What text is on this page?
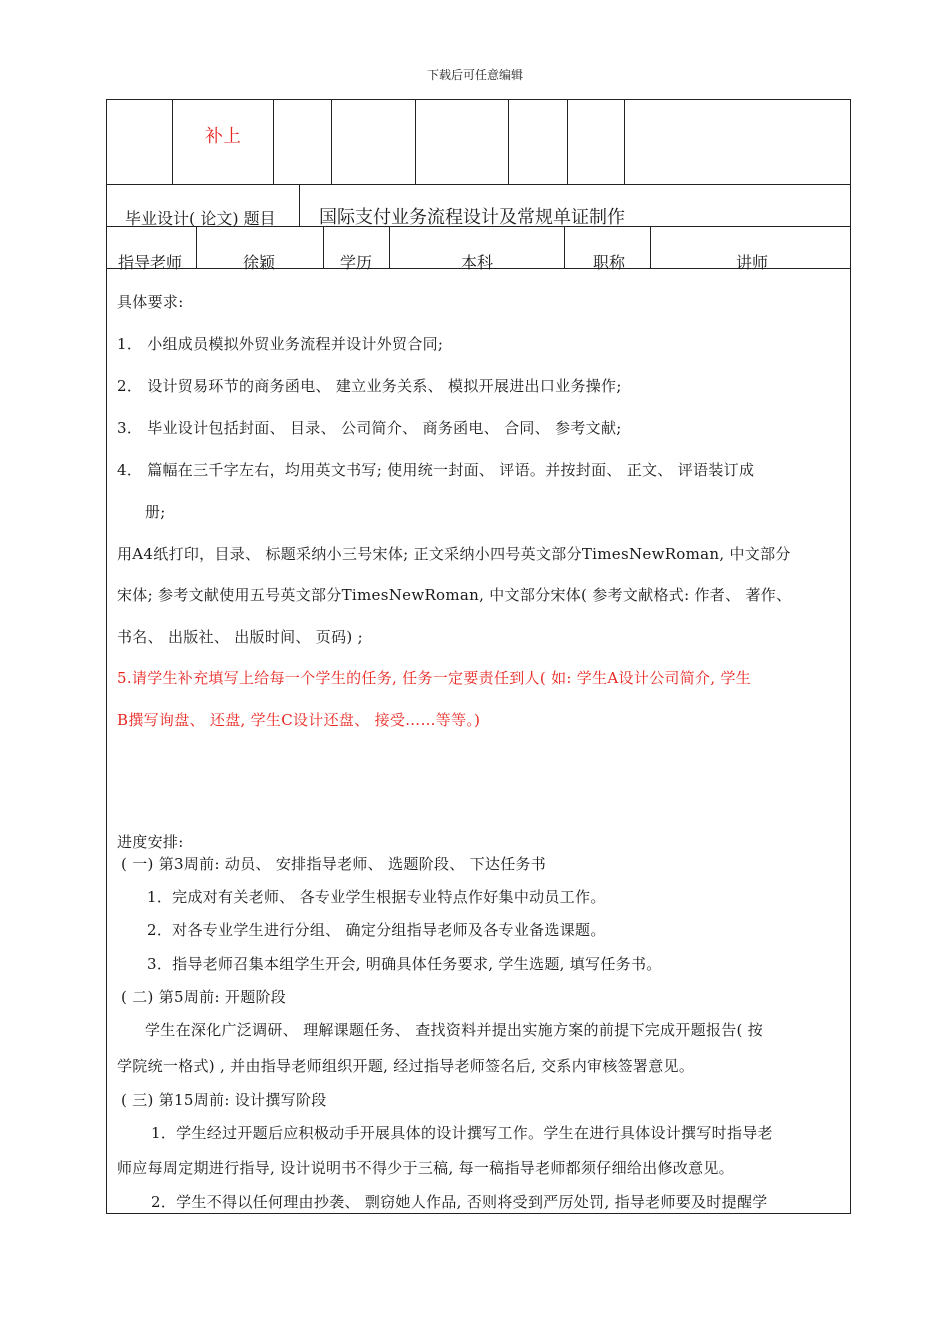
下载后可任意编辑
补上
毕业设计( 论文) 题目 国际支付业务流程设计及常规单证制作
指导老师	徐颖	学历	本科	职称	讲师
具体要求:
1． 小组成员模拟外贸业务流程并设计外贸合同;
2． 设计贸易环节的商务函电、 建立业务关系、 模拟开展进出口业务操作;
3． 毕业设计包括封面、 目录、 公司简介、 商务函电、 合同、 参考文献;
4． 篇幅在三千字左右，均用英文书写; 使用统一封面、 评语。并按封面、 正文、 评语装订成
册;
用A4纸打印，目录、 标题采纳小三号宋体; 正文采纳小四号英文部分TimesNewRoman, 中文部分
宋体; 参考文献使用五号英文部分TimesNewRoman, 中文部分宋体( 参考文献格式: 作者、 著作、
书名、 出版社、 出版时间、 页码) ;
5.请学生补充填写上给每一个学生的任务, 任务一定要责任到人( 如: 学生A设计公司简介, 学生
B撰写询盘、 还盘, 学生C设计还盘、 接受……等等。)
进度安排:
( 一) 第3周前: 动员、 安排指导老师、 选题阶段、 下达任务书
1．完成对有关老师、 各专业学生根据专业特点作好集中动员工作。
2．对各专业学生进行分组、 确定分组指导老师及各专业备选课题。
3．指导老师召集本组学生开会, 明确具体任务要求, 学生选题, 填写任务书。
( 二) 第5周前: 开题阶段
学生在深化广泛调研、 理解课题任务、 查找资料并提出实施方案的前提下完成开题报告( 按
学院统一格式) , 并由指导老师组织开题, 经过指导老师签名后, 交系内审核签署意见。
( 三) 第15周前: 设计撰写阶段
1．学生经过开题后应积极动手开展具体的设计撰写工作。学生在进行具体设计撰写时指导老
师应每周定期进行指导, 设计说明书不得少于三稿, 每一稿指导老师都须仔细给出修改意见。
2．学生不得以任何理由抄袭、 剽窃她人作品, 否则将受到严厉处罚, 指导老师要及时提醒学
